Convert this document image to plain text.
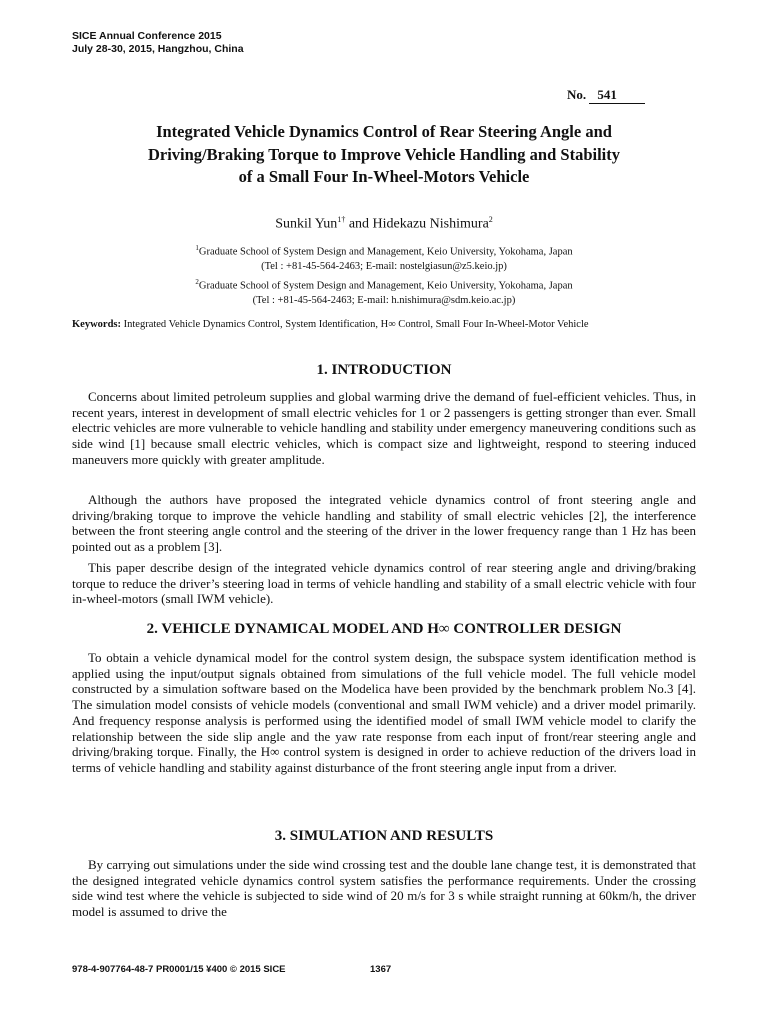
SICE Annual Conference 2015
July 28-30, 2015, Hangzhou, China
No. 541
Integrated Vehicle Dynamics Control of Rear Steering Angle and
Driving/Braking Torque to Improve Vehicle Handling and Stability
of a Small Four In-Wheel-Motors Vehicle
Sunkil Yun$^{1\dagger}$ and Hidekazu Nishimura$^2$
$^1$Graduate School of System Design and Management, Keio University, Yokohama, Japan
(Tel : +81-45-564-2463; E-mail: nostelgiasun@z5.keio.jp)
$^2$Graduate School of System Design and Management, Keio University, Yokohama, Japan
(Tel : +81-45-564-2463; E-mail: h.nishimura@sdm.keio.ac.jp)
Keywords: Integrated Vehicle Dynamics Control, System Identification, H∞ Control, Small Four In-Wheel-Motor Vehicle
1. INTRODUCTION

Concerns about limited petroleum supplies and global warming drive the demand of fuel-efficient vehicles. Thus, in recent years, interest in development of small electric vehicles for 1 or 2 passengers is getting stronger than ever. Small electric vehicles are more vulnerable to vehicle handling and stability under emergency maneuvering conditions such as side wind [1] because small electric vehicles, which is compact size and lightweight, respond to steering induced maneuvers more quickly with greater amplitude.

Although the authors have proposed the integrated vehicle dynamics control of front steering angle and driving/braking torque to improve the vehicle handling and stability of small electric vehicles [2], the interference between the front steering angle control and the steering of the driver in the lower frequency range than 1 Hz has been pointed out as a problem [3].

This paper describe design of the integrated vehicle dynamics control of rear steering angle and driving/braking torque to reduce the driver’s steering load in terms of vehicle handling and stability of a small electric vehicle with four in-wheel-motors (small IWM vehicle).

2. VEHICLE DYNAMICAL MODEL AND H∞ CONTROLLER DESIGN

To obtain a vehicle dynamical model for the control system design, the subspace system identification method is applied using the input/output signals obtained from simulations of the full vehicle model. The full vehicle model constructed by a simulation software based on the Modelica have been provided by the benchmark problem No.3 [4]. The simulation model consists of vehicle models (conventional and small IWM vehicle) and a driver model primarily. And frequency response analysis is performed using the identified model of small IWM vehicle model to clarify the relationship between the side slip angle and the yaw rate response from each input of front/rear steering angle and driving/braking torque. Finally, the H∞ control system is designed in order to achieve reduction of the drivers load in terms of vehicle handling and stability against disturbance of the front steering angle input from a driver.

3. SIMULATION AND RESULTS

By carrying out simulations under the side wind crossing test and the double lane change test, it is demonstrated that the designed integrated vehicle dynamics control system satisfies the performance requirements. Under the crossing side wind test where the vehicle is subjected to side wind of 20 m/s for 3 s while straight running at 60km/h, the driver model is assumed to drive the

978-4-907764-48-7 PR0001/15 ¥400 © 2015 SICE	1367
